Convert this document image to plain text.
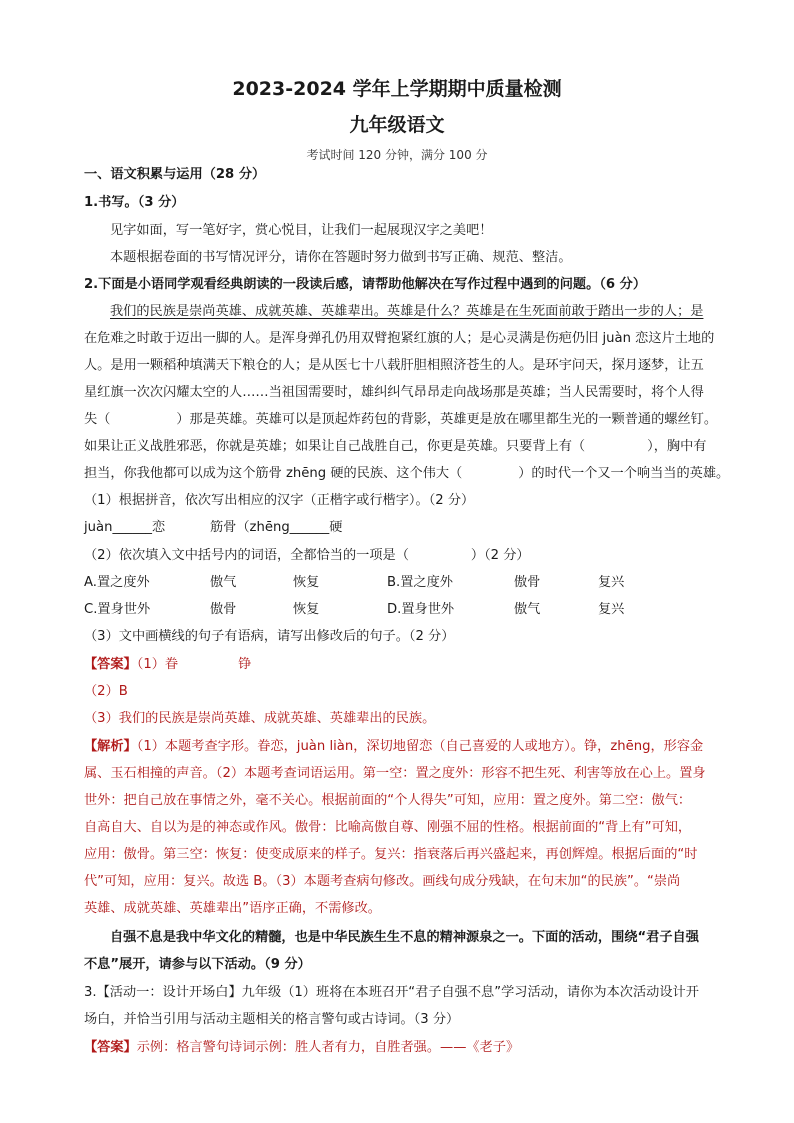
2023-2024 学年上学期期中质量检测
九年级语文
考试时间 120 分钟，满分 100 分
一、语文积累与运用（28 分）
1.书写。（3 分）
见字如面，写一笔好字，赏心悦目，让我们一起展现汉字之美吧！
本题根据卷面的书写情况评分，请你在答题时努力做到书写正确、规范、整洁。
2.下面是小语同学观看经典朗读的一段读后感，请帮助他解决在写作过程中遇到的问题。（6 分）
我们的民族是崇尚英雄、成就英雄、英雄辈出。英雄是什么？英雄是在生死面前敢于踏出一步的人；是
在危难之时敢于迈出一脚的人。是浑身弹孔仍用双臂抱紧红旗的人；是心灵满是伤疤仍旧 juàn 恋这片土地的
人。是用一颗稻种填满天下粮仓的人；是从医七十八载肝胆相照济苍生的人。是环宇问天，探月逐梦，让五
星红旗一次次闪耀太空的人……当祖国需要时，雄纠纠气昂昂走向战场那是英雄；当人民需要时，将个人得
失（	）那是英雄。英雄可以是顶起炸药包的背影，英雄更是放在哪里都生光的一颗普通的螺丝钉。
如果让正义战胜邪恶，你就是英雄；如果让自己战胜自己，你更是英雄。只要背上有（	），胸中有
担当，你我他都可以成为这个筋骨 zhēng 硬的民族、这个伟大（	）的时代一个又一个响当当的英雄。
（1）根据拼音，依次写出相应的汉字（正楷字或行楷字）。（2 分）
juàn______恋	筋骨（zhēng______硬
（2）依次填入文中括号内的词语，全都恰当的一项是（	）（2 分）
A.置之度外	傲气	恢复	B.置之度外	傲骨	复兴
C.置身世外	傲骨	恢复	D.置身世外	傲气	复兴
（3）文中画横线的句子有语病，请写出修改后的句子。（2 分）
【答案】（1）眷	铮
（2）B
（3）我们的民族是崇尚英雄、成就英雄、英雄辈出的民族。
【解析】（1）本题考查字形。眷恋，juàn liàn，深切地留恋（自己喜爱的人或地方）。铮，zhēng，形容金
属、玉石相撞的声音。（2）本题考查词语运用。第一空：置之度外：形容不把生死、利害等放在心上。置身
世外：把自己放在事情之外，毫不关心。根据前面的“个人得失”可知，应用：置之度外。第二空：傲气：
自高自大、自以为是的神态或作风。傲骨：比喻高傲自尊、刚强不屈的性格。根据前面的“背上有”可知，
应用：傲骨。第三空：恢复：使变成原来的样子。复兴：指衰落后再兴盛起来，再创辉煌。根据后面的“时
代”可知，应用：复兴。故选 B。（3）本题考查病句修改。画线句成分残缺，在句末加“的民族”。“崇尚
英雄、成就英雄、英雄辈出”语序正确，不需修改。
自强不息是我中华文化的精髓，也是中华民族生生不息的精神源泉之一。下面的活动，围绕“君子自强
不息”展开，请参与以下活动。（9 分）
3.【活动一：设计开场白】九年级（1）班将在本班召开“君子自强不息”学习活动，请你为本次活动设计开
场白，并恰当引用与活动主题相关的格言警句或古诗词。（3 分）
【答案】示例：格言警句诗词示例：胜人者有力，自胜者强。——《老子》
